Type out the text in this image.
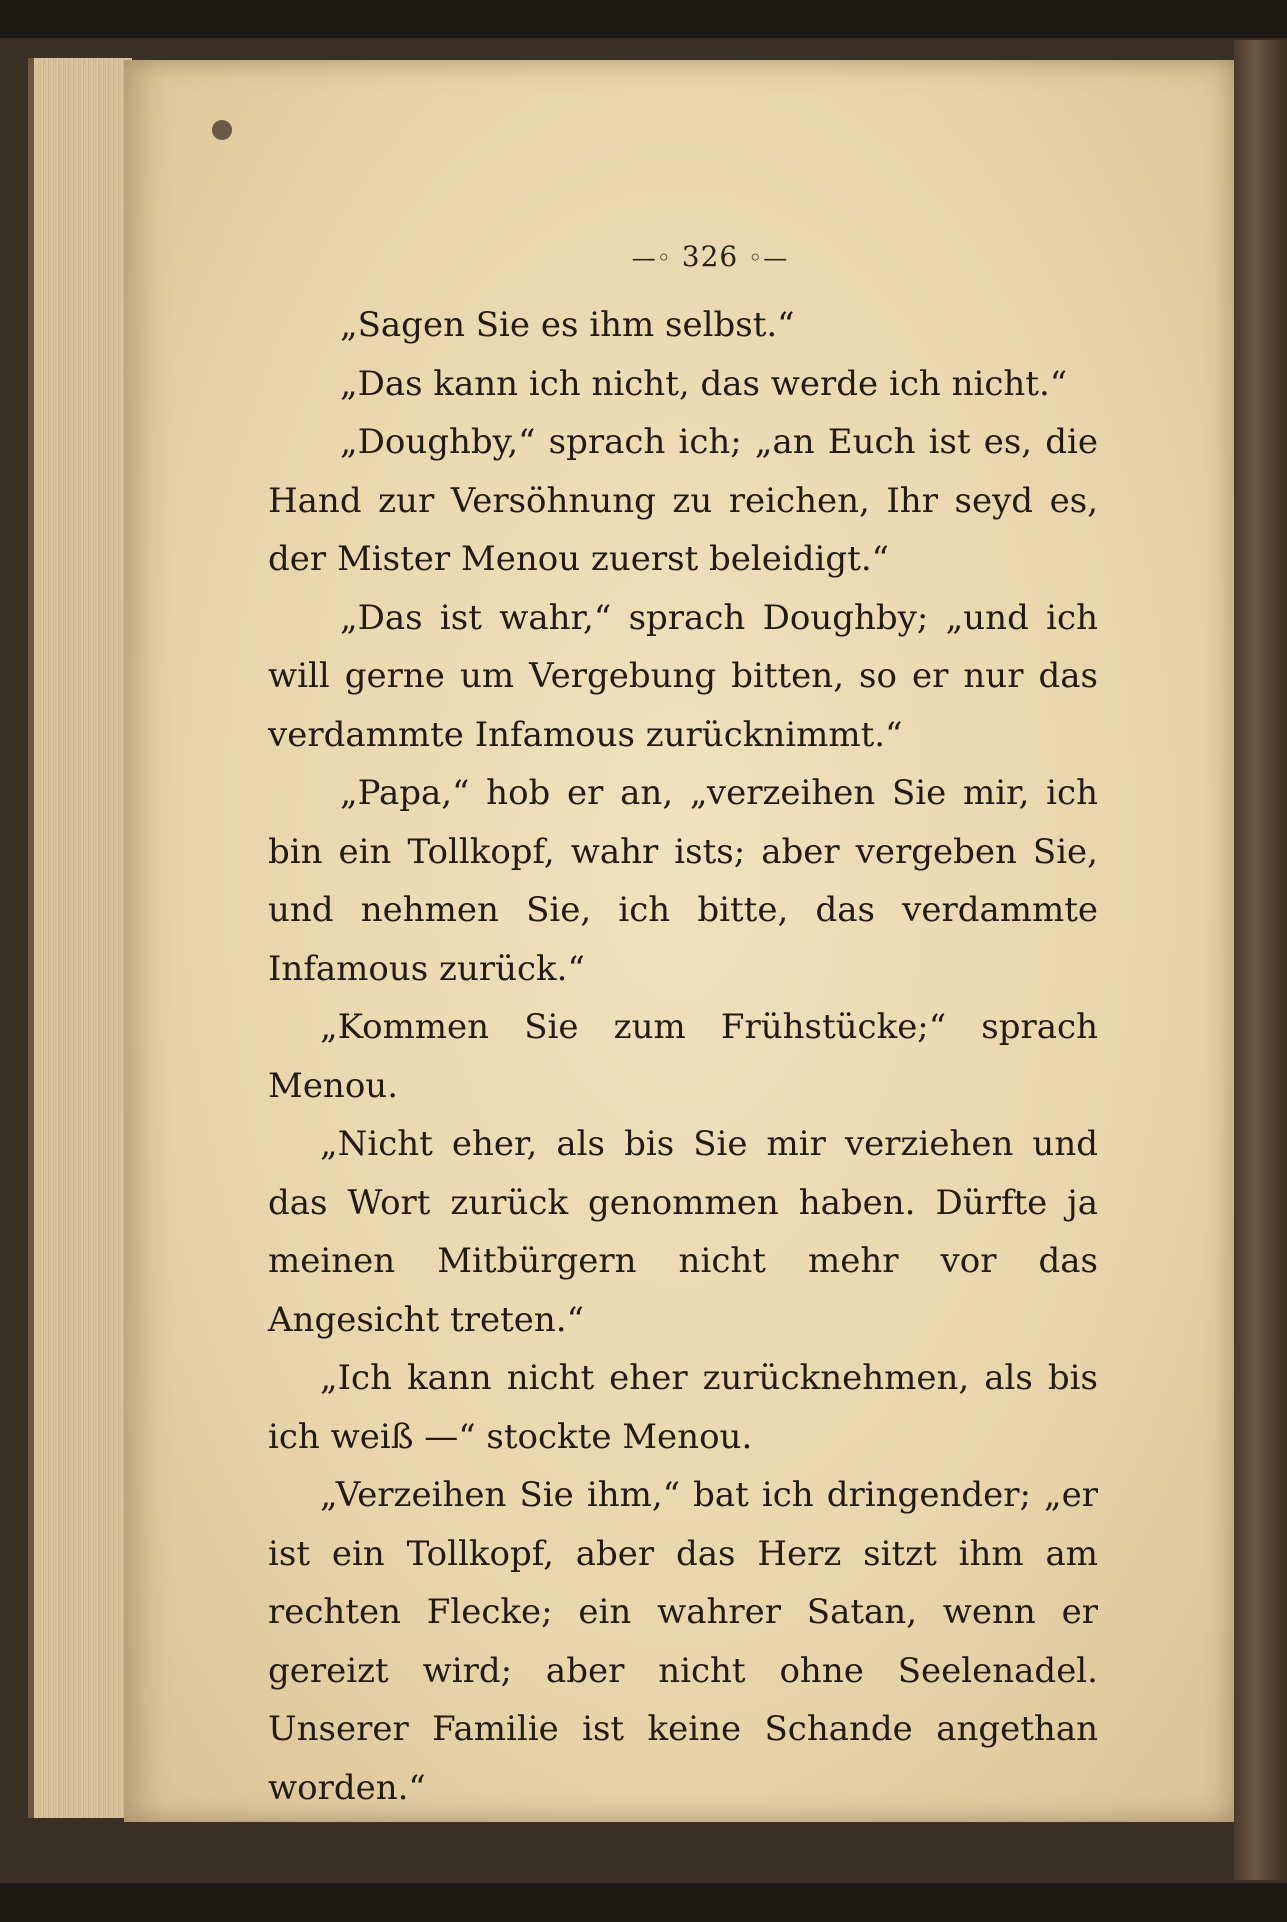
—◦ 326 ◦—

„Sagen Sie es ihm selbst.“

„Das kann ich nicht, das werde ich nicht.“

„Doughby,“ sprach ich; „an Euch ist es, die Hand zur Versöhnung zu reichen, Ihr seyd es, der Mister Menou zuerst beleidigt.“

„Das ist wahr,“ sprach Doughby; „und ich will gerne um Vergebung bitten, so er nur das verdammte Infamous zurücknimmt.“

„Papa,“ hob er an, „verzeihen Sie mir, ich bin ein Tollkopf, wahr ists; aber vergeben Sie, und nehmen Sie, ich bitte, das verdammte Infamous zurück.“

„Kommen Sie zum Frühstücke;“ sprach Menou.

„Nicht eher, als bis Sie mir verziehen und das Wort zurück genommen haben. Dürfte ja meinen Mitbürgern nicht mehr vor das Angesicht treten.“

„Ich kann nicht eher zurücknehmen, als bis ich weiß —“ stockte Menou.

„Verzeihen Sie ihm,“ bat ich dringender; „er ist ein Tollkopf, aber das Herz sitzt ihm am rechten Flecke; ein wahrer Satan, wenn er gereizt wird; aber nicht ohne Seelenadel. Unserer Familie ist keine Schande angethan worden.“
